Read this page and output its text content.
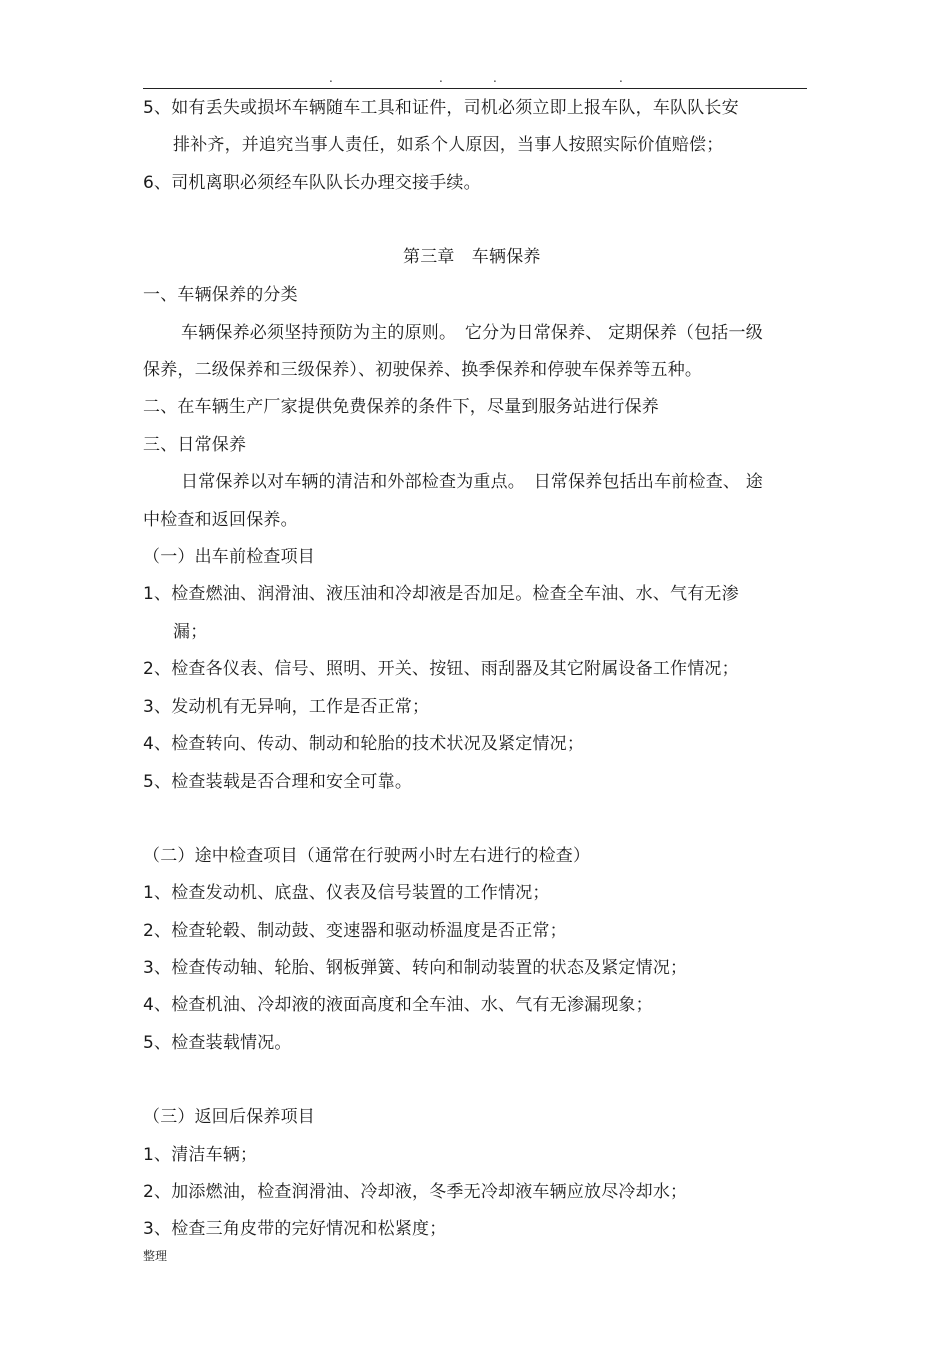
.	.	.	.
5、如有丢失或损坏车辆随车工具和证件，司机必须立即上报车队，车队队长安
排补齐，并追究当事人责任，如系个人原因，当事人按照实际价值赔偿；
6、司机离职必须经车队队长办理交接手续。
第三章　车辆保养
一、车辆保养的分类
车辆保养必须坚持预防为主的原则。　它分为日常保养、 定期保养（包括一级
保养，二级保养和三级保养）、初驶保养、换季保养和停驶车保养等五种。
二、在车辆生产厂家提供免费保养的条件下，尽量到服务站进行保养
三、日常保养
日常保养以对车辆的清洁和外部检查为重点。　日常保养包括出车前检查、 途
中检查和返回保养。
（一）出车前检查项目
1、检查燃油、润滑油、液压油和冷却液是否加足。检查全车油、水、气有无渗
漏；
2、检查各仪表、信号、照明、开关、按钮、雨刮器及其它附属设备工作情况；
3、发动机有无异响，工作是否正常；
4、检查转向、传动、制动和轮胎的技术状况及紧定情况；
5、检查装载是否合理和安全可靠。
（二）途中检查项目（通常在行驶两小时左右进行的检查）
1、检查发动机、底盘、仪表及信号装置的工作情况；
2、检查轮毂、制动鼓、变速器和驱动桥温度是否正常；
3、检查传动轴、轮胎、钢板弹簧、转向和制动装置的状态及紧定情况；
4、检查机油、冷却液的液面高度和全车油、水、气有无渗漏现象；
5、检查装载情况。
（三）返回后保养项目
1、清洁车辆；
2、加添燃油，检查润滑油、冷却液，冬季无冷却液车辆应放尽冷却水；
3、检查三角皮带的完好情况和松紧度；
整理
